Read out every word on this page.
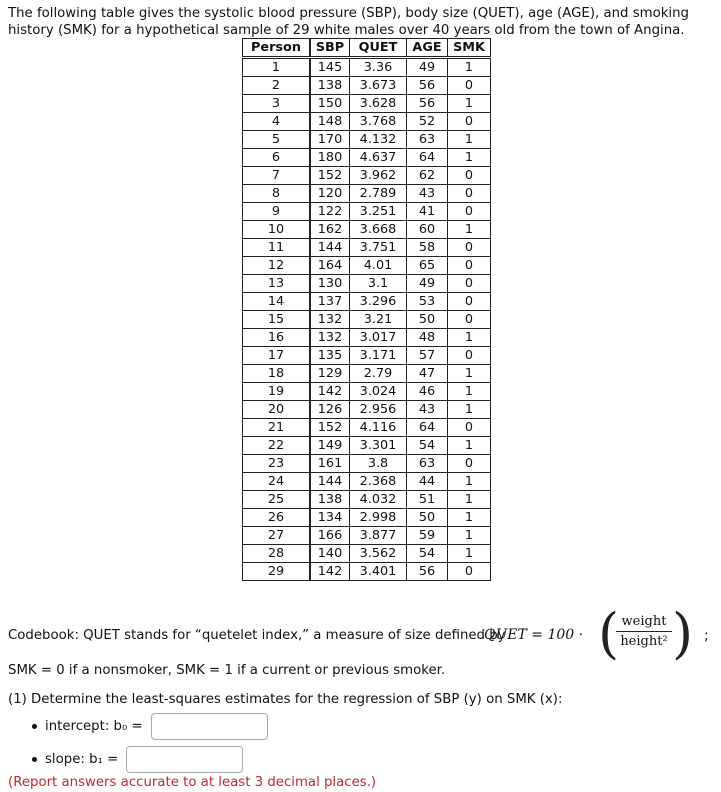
The following table gives the systolic blood pressure (SBP), body size (QUET), age (AGE), and smoking history (SMK) for a hypothetical sample of 29 white males over 40 years old from the town of Angina.
Person	SBP	QUET	AGE	SMK
1	145	3.36	49	1
2	138	3.673	56	0
3	150	3.628	56	1
4	148	3.768	52	0
5	170	4.132	63	1
6	180	4.637	64	1
7	152	3.962	62	0
8	120	2.789	43	0
9	122	3.251	41	0
10	162	3.668	60	1
11	144	3.751	58	0
12	164	4.01	65	0
13	130	3.1	49	0
14	137	3.296	53	0
15	132	3.21	50	0
16	132	3.017	48	1
17	135	3.171	57	0
18	129	2.79	47	1
19	142	3.024	46	1
20	126	2.956	43	1
21	152	4.116	64	0
22	149	3.301	54	1
23	161	3.8	63	0
24	144	2.368	44	1
25	138	4.032	51	1
26	134	2.998	50	1
27	166	3.877	59	1
28	140	3.562	54	1
29	142	3.401	56	0
Codebook: QUET stands for “quetelet index,” a measure of size defined by
QUET = 100 · ( weight
height² ) ;
SMK = 0 if a nonsmoker, SMK = 1 if a current or previous smoker.
(1) Determine the least-squares estimates for the regression of SBP (y) on SMK (x):
intercept: b₀ =
slope: b₁ =
(Report answers accurate to at least 3 decimal places.)
